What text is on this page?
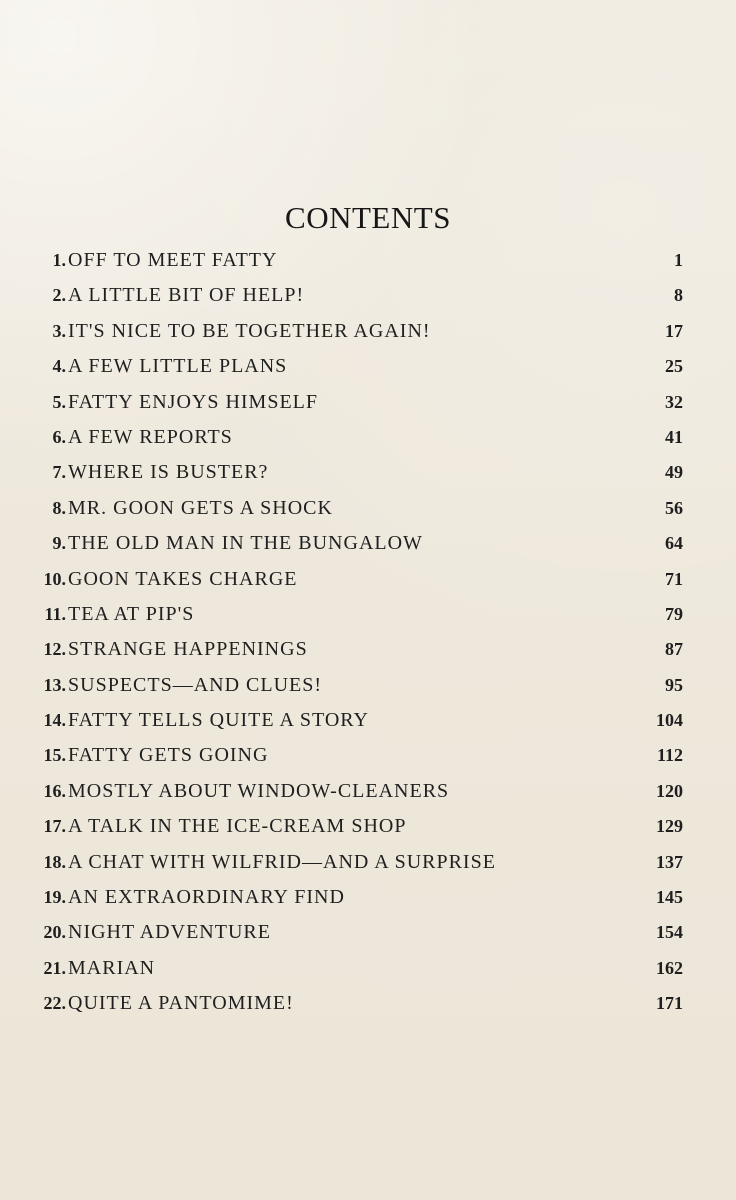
CONTENTS
1. OFF TO MEET FATTY	1
2. A LITTLE BIT OF HELP!	8
3. IT'S NICE TO BE TOGETHER AGAIN!	17
4. A FEW LITTLE PLANS	25
5. FATTY ENJOYS HIMSELF	32
6. A FEW REPORTS	41
7. WHERE IS BUSTER?	49
8. MR. GOON GETS A SHOCK	56
9. THE OLD MAN IN THE BUNGALOW	64
10. GOON TAKES CHARGE	71
11. TEA AT PIP'S	79
12. STRANGE HAPPENINGS	87
13. SUSPECTS—AND CLUES!	95
14. FATTY TELLS QUITE A STORY	104
15. FATTY GETS GOING	112
16. MOSTLY ABOUT WINDOW-CLEANERS	120
17. A TALK IN THE ICE-CREAM SHOP	129
18. A CHAT WITH WILFRID—AND A SURPRISE	137
19. AN EXTRAORDINARY FIND	145
20. NIGHT ADVENTURE	154
21. MARIAN	162
22. QUITE A PANTOMIME!	171
